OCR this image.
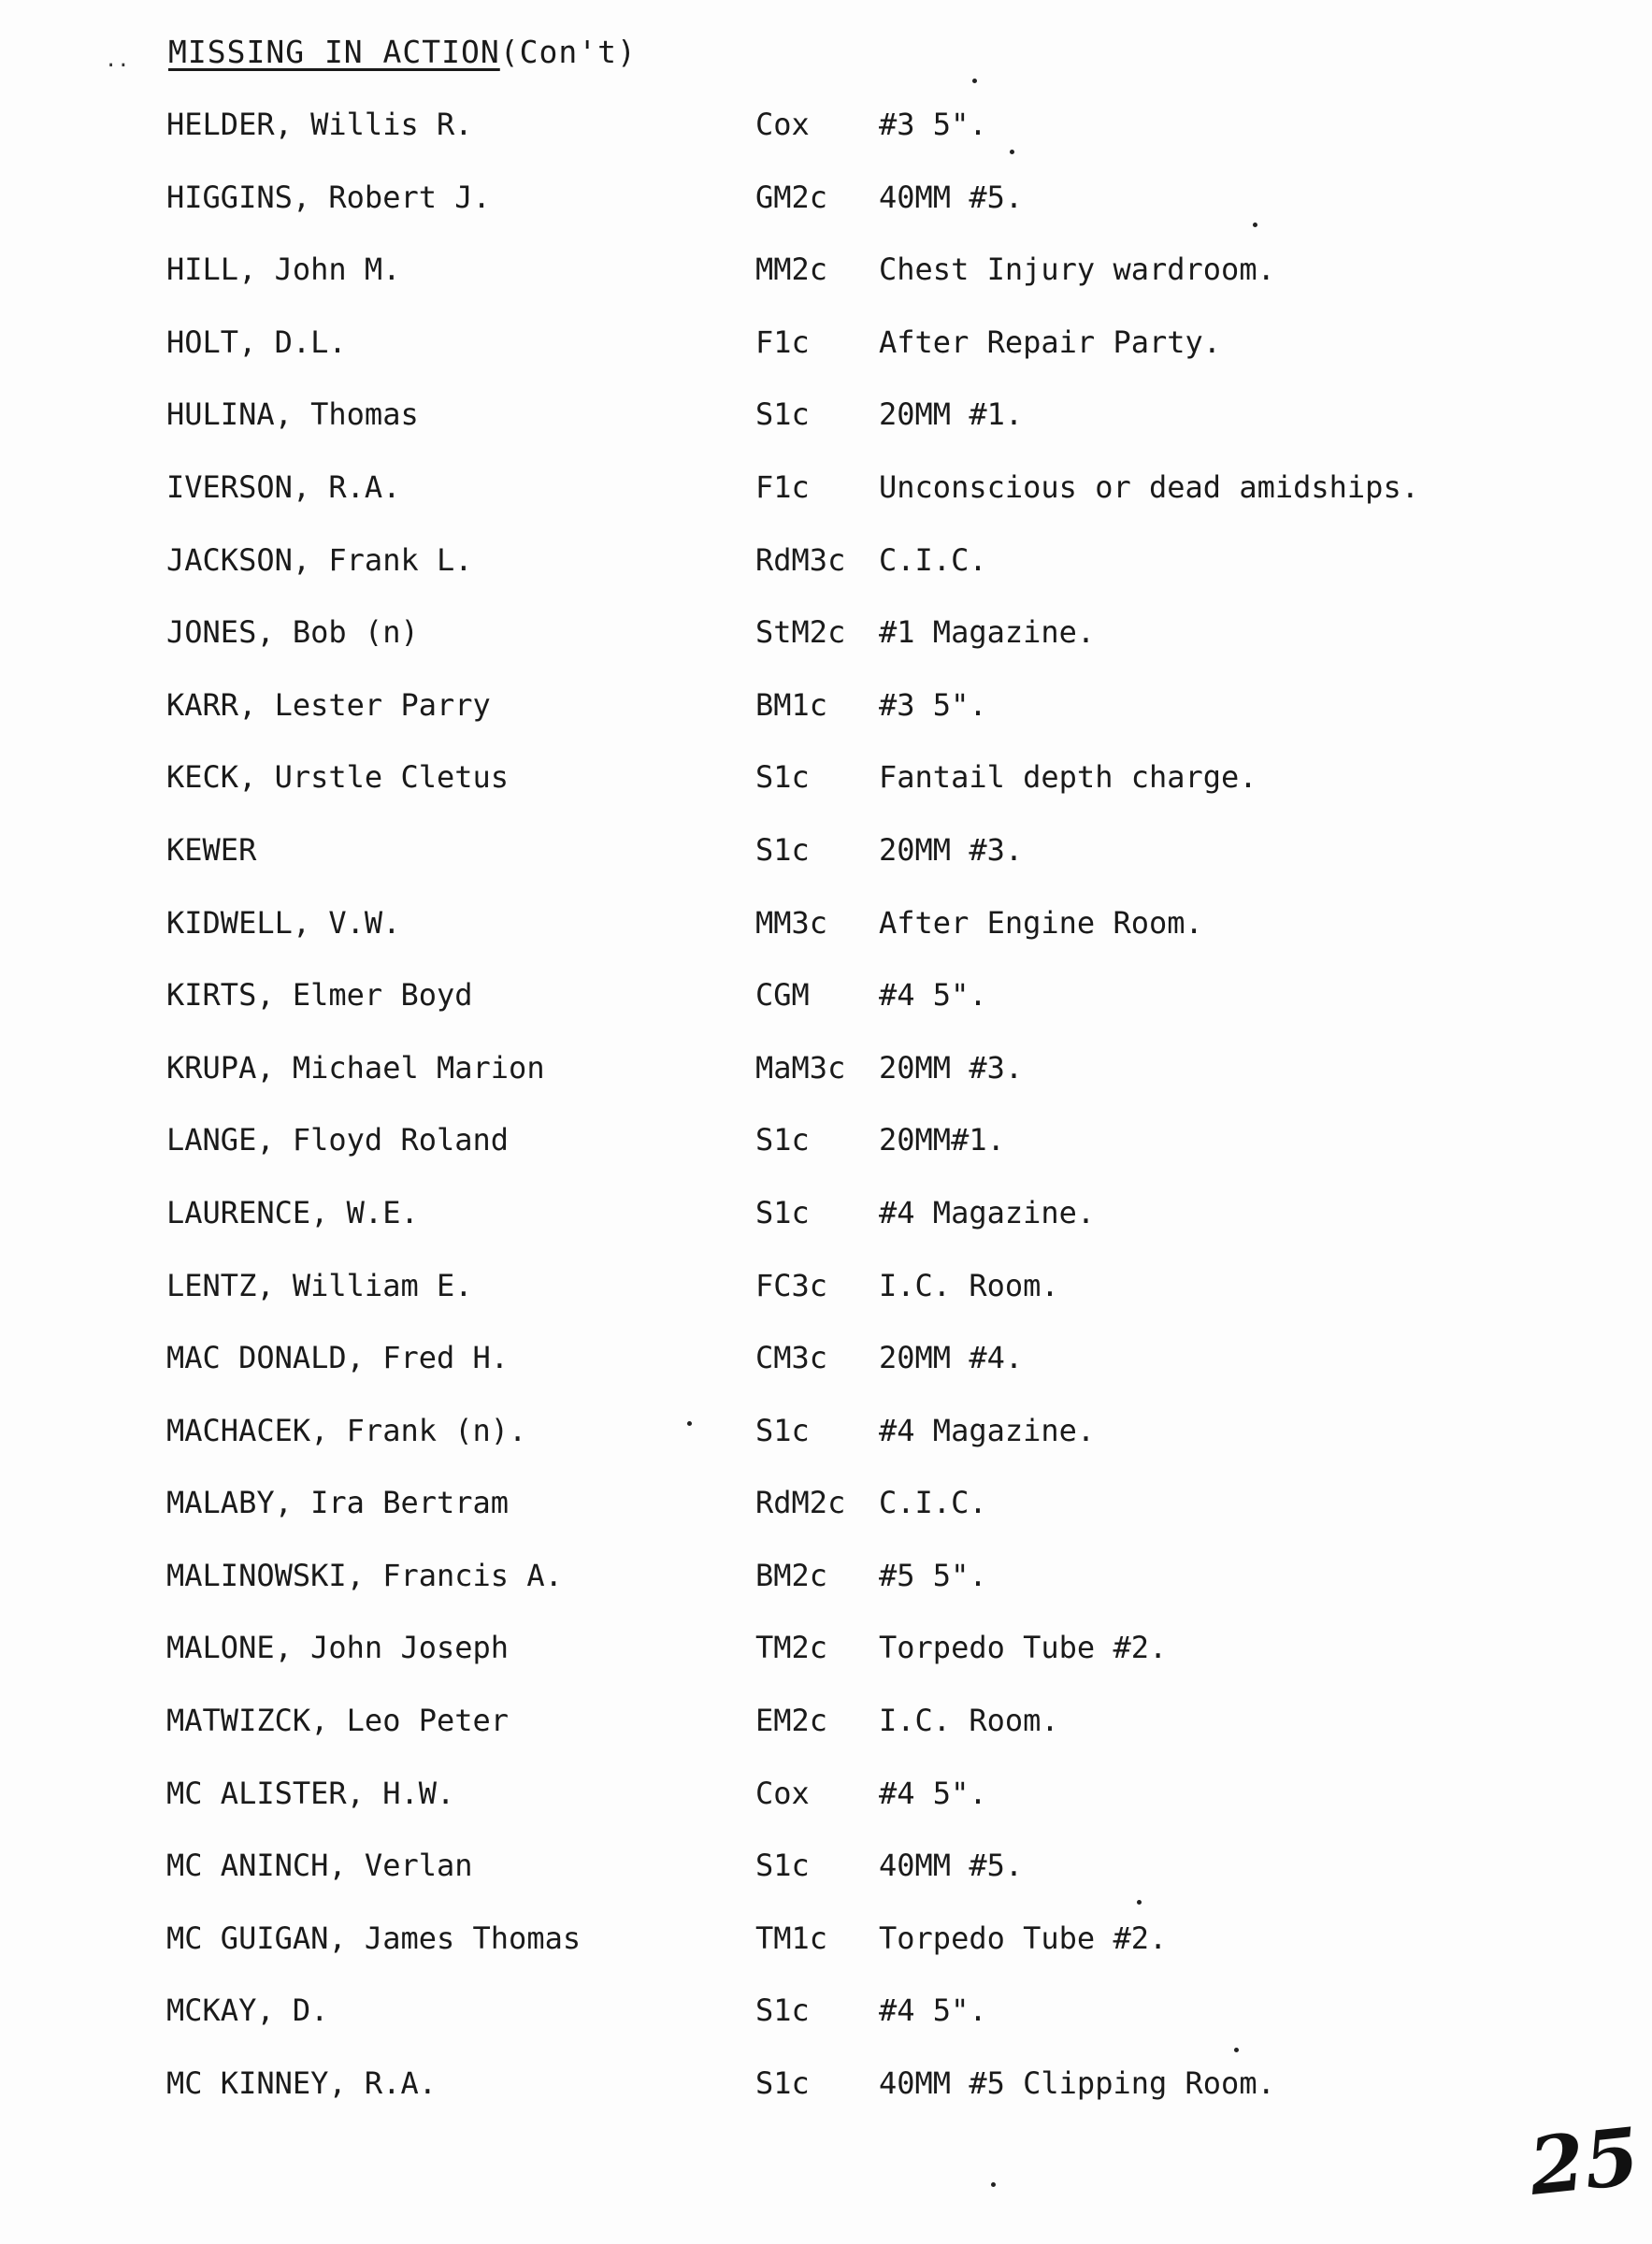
.. MISSING IN ACTION(Con't)
HELDER, Willis R.	Cox #3 5".
HIGGINS, Robert J.	GM2c 40MM #5.
HILL, John M.	MM2c Chest Injury wardroom.
HOLT, D.L.	F1c After Repair Party.
HULINA, Thomas	S1c 20MM #1.
IVERSON, R.A.	F1c Unconscious or dead amidships.
JACKSON, Frank L.	RdM3c C.I.C.
JONES, Bob (n)	StM2c #1 Magazine.
KARR, Lester Parry	BM1c #3 5".
KECK, Urstle Cletus	S1c Fantail depth charge.
KEWER	S1c 20MM #3.
KIDWELL, V.W.	MM3c After Engine Room.
KIRTS, Elmer Boyd	CGM #4 5".
KRUPA, Michael Marion	MaM3c 20MM #3.
LANGE, Floyd Roland	S1c 20MM#1.
LAURENCE, W.E.	S1c #4 Magazine.
LENTZ, William E.	FC3c I.C. Room.
MAC DONALD, Fred H.	CM3c 20MM #4.
MACHACEK, Frank (n).	S1c #4 Magazine.
MALABY, Ira Bertram	RdM2c C.I.C.
MALINOWSKI, Francis A.	BM2c #5 5".
MALONE, John Joseph	TM2c Torpedo Tube #2.
MATWIZCK, Leo Peter	EM2c I.C. Room.
MC ALISTER, H.W.	Cox #4 5".
MC ANINCH, Verlan	S1c 40MM #5.
MC GUIGAN, James Thomas	TM1c Torpedo Tube #2.
MCKAY, D.	S1c #4 5".
MC KINNEY, R.A.	S1c 40MM #5 Clipping Room.
25
